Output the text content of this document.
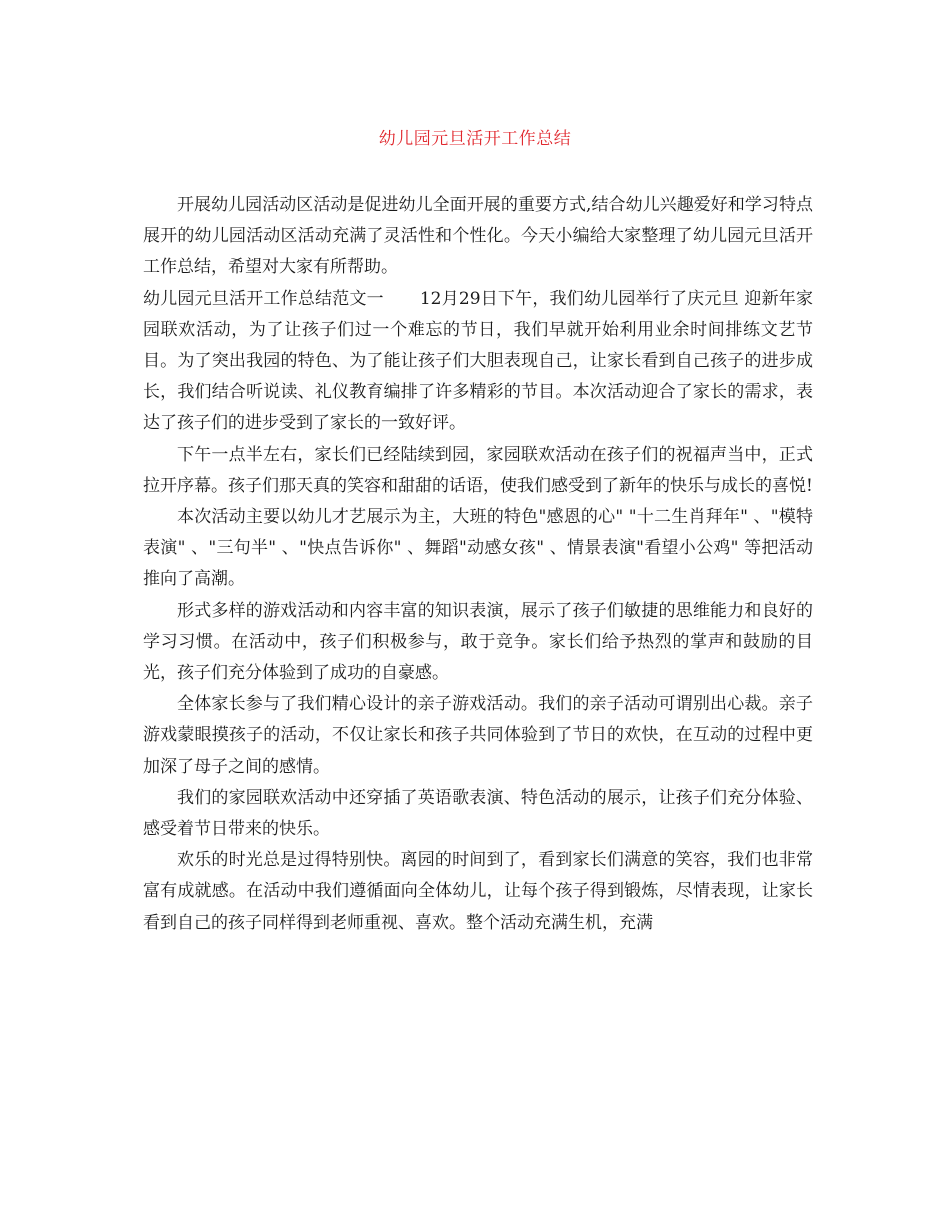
幼儿园元旦活开工作总结

开展幼儿园活动区活动是促进幼儿全面开展的重要方式,结合幼儿兴趣爱好和学习特点展开的幼儿园活动区活动充满了灵活性和个性化。今天小编给大家整理了幼儿园元旦活开工作总结，希望对大家有所帮助。

幼儿园元旦活开工作总结范文一 12月29日下午，我们幼儿园举行了庆元旦 迎新年家园联欢活动，为了让孩子们过一个难忘的节日，我们早就开始利用业余时间排练文艺节目。为了突出我园的特色、为了能让孩子们大胆表现自己，让家长看到自己孩子的进步成长，我们结合听说读、礼仪教育编排了许多精彩的节目。本次活动迎合了家长的需求，表达了孩子们的进步受到了家长的一致好评。

下午一点半左右，家长们已经陆续到园，家园联欢活动在孩子们的祝福声当中，正式拉开序幕。孩子们那天真的笑容和甜甜的话语，使我们感受到了新年的快乐与成长的喜悦!

本次活动主要以幼儿才艺展示为主，大班的特色"感恩的心" "十二生肖拜年" 、"模特表演" 、"三句半" 、"快点告诉你" 、舞蹈"动感女孩" 、情景表演"看望小公鸡" 等把活动推向了高潮。

形式多样的游戏活动和内容丰富的知识表演，展示了孩子们敏捷的思维能力和良好的学习习惯。在活动中，孩子们积极参与，敢于竞争。家长们给予热烈的掌声和鼓励的目光，孩子们充分体验到了成功的自豪感。

全体家长参与了我们精心设计的亲子游戏活动。我们的亲子活动可谓别出心裁。亲子游戏蒙眼摸孩子的活动，不仅让家长和孩子共同体验到了节日的欢快，在互动的过程中更加深了母子之间的感情。

我们的家园联欢活动中还穿插了英语歌表演、特色活动的展示，让孩子们充分体验、感受着节日带来的快乐。

欢乐的时光总是过得特别快。离园的时间到了，看到家长们满意的笑容，我们也非常富有成就感。在活动中我们遵循面向全体幼儿，让每个孩子得到锻炼，尽情表现，让家长看到自己的孩子同样得到老师重视、喜欢。整个活动充满生机，充满
